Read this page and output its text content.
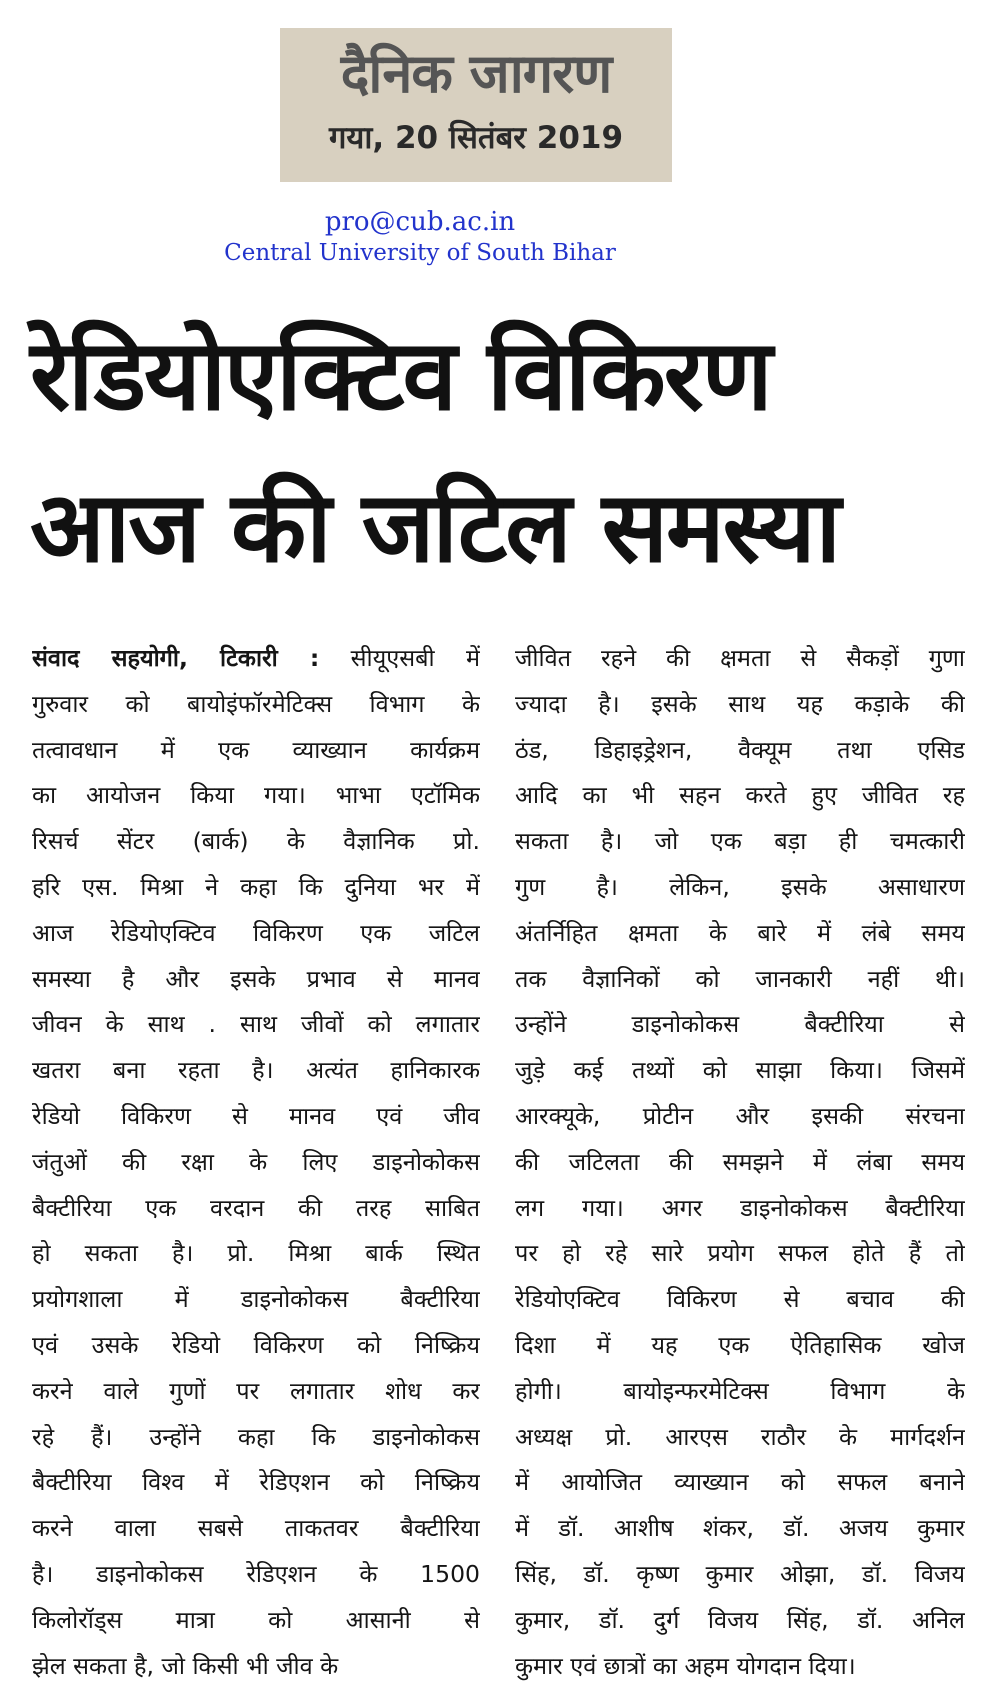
दैनिक जागरण
गया, 20 सितंबर 2019
pro@cub.ac.in
Central University of South Bihar
रेडियोएक्टिव विकिरण
आज की जटिल समस्या
संवाद सहयोगी, टिकारी : सीयूएसबी में
गुरुवार को बायोइंफॉरमेटिक्स विभाग के
तत्वावधान में एक व्याख्यान कार्यक्रम
का आयोजन किया गया। भाभा एटॉमिक
रिसर्च सेंटर (बार्क) के वैज्ञानिक प्रो.
हरि एस. मिश्रा ने कहा कि दुनिया भर में
आज रेडियोएक्टिव विकिरण एक जटिल
समस्या है और इसके प्रभाव से मानव
जीवन के साथ . साथ जीवों को लगातार
खतरा बना रहता है। अत्यंत हानिकारक
रेडियो विकिरण से मानव एवं जीव
जंतुओं की रक्षा के लिए डाइनोकोकस
बैक्टीरिया एक वरदान की तरह साबित
हो सकता है। प्रो. मिश्रा बार्क स्थित
प्रयोगशाला में डाइनोकोकस बैक्टीरिया
एवं उसके रेडियो विकिरण को निष्क्रिय
करने वाले गुणों पर लगातार शोध कर
रहे हैं। उन्होंने कहा कि डाइनोकोकस
बैक्टीरिया विश्व में रेडिएशन को निष्क्रिय
करने वाला सबसे ताकतवर बैक्टीरिया
है। डाइनोकोकस रेडिएशन के 1500
किलोरॉड्स मात्रा को आसानी से
झेल सकता है, जो किसी भी जीव के
जीवित रहने की क्षमता से सैकड़ों गुणा
ज्यादा है। इसके साथ यह कड़ाके की
ठंड, डिहाइड्रेशन, वैक्यूम तथा एसिड
आदि का भी सहन करते हुए जीवित रह
सकता है। जो एक बड़ा ही चमत्कारी
गुण है। लेकिन, इसके असाधारण
अंतर्निहित क्षमता के बारे में लंबे समय
तक वैज्ञानिकों को जानकारी नहीं थी।
उन्होंने डाइनोकोकस बैक्टीरिया से
जुड़े कई तथ्यों को साझा किया। जिसमें
आरक्यूके, प्रोटीन और इसकी संरचना
की जटिलता की समझने में लंबा समय
लग गया। अगर डाइनोकोकस बैक्टीरिया
पर हो रहे सारे प्रयोग सफल होते हैं तो
रेडियोएक्टिव विकिरण से बचाव की
दिशा में यह एक ऐतिहासिक खोज
होगी। बायोइन्फरमेटिक्स विभाग के
अध्यक्ष प्रो. आरएस राठौर के मार्गदर्शन
में आयोजित व्याख्यान को सफल बनाने
में डॉ. आशीष शंकर, डॉ. अजय कुमार
सिंह, डॉ. कृष्ण कुमार ओझा, डॉ. विजय
कुमार, डॉ. दुर्ग विजय सिंह, डॉ. अनिल
कुमार एवं छात्रों का अहम योगदान दिया।
